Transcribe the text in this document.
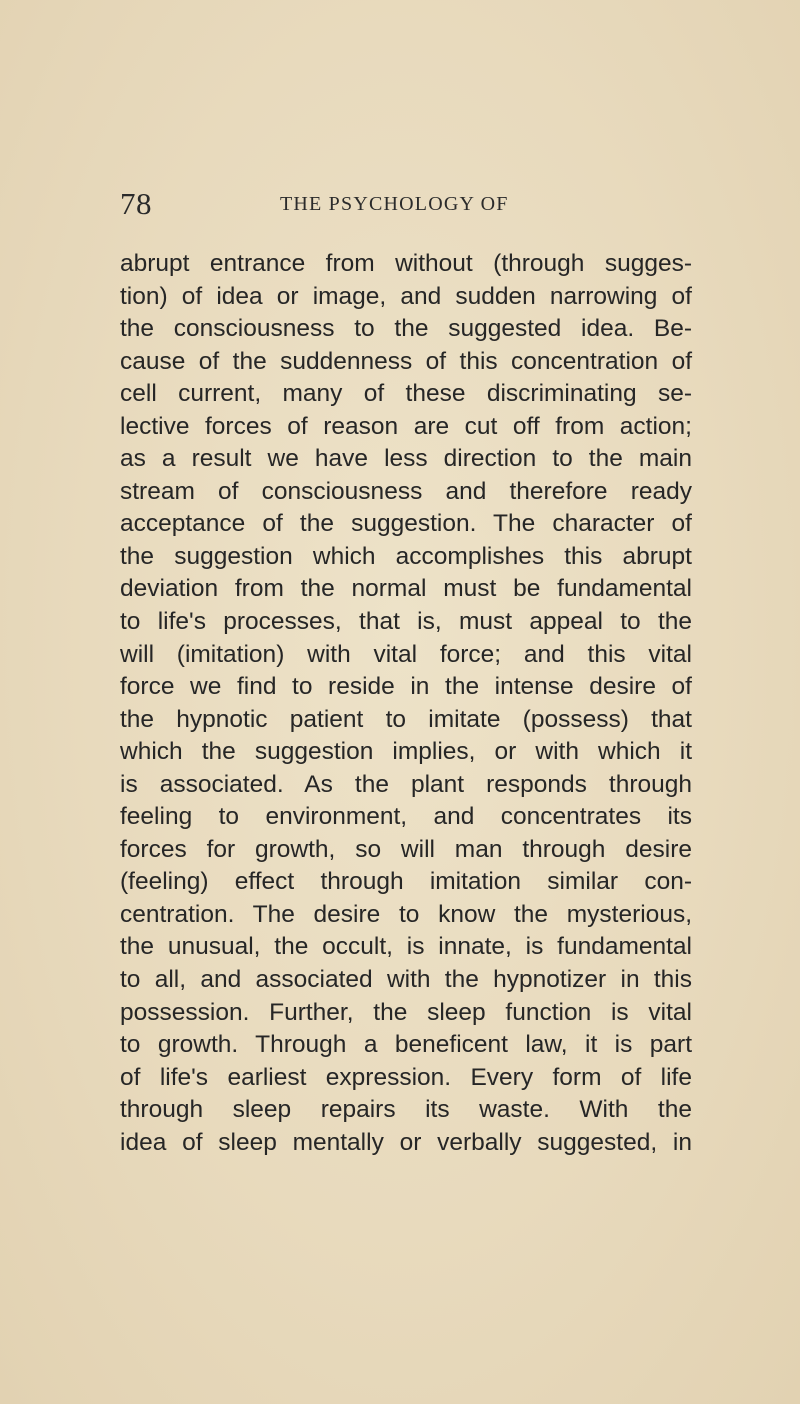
78	THE PSYCHOLOGY OF
abrupt entrance from without (through sugges-
tion) of idea or image, and sudden narrowing of
the consciousness to the suggested idea. Be-
cause of the suddenness of this concentration of
cell current, many of these discriminating se-
lective forces of reason are cut off from action;
as a result we have less direction to the main
stream of consciousness and therefore ready
acceptance of the suggestion. The character of
the suggestion which accomplishes this abrupt
deviation from the normal must be fundamental
to life's processes, that is, must appeal to the
will (imitation) with vital force; and this vital
force we find to reside in the intense desire of
the hypnotic patient to imitate (possess) that
which the suggestion implies, or with which it
is associated. As the plant responds through
feeling to environment, and concentrates its
forces for growth, so will man through desire
(feeling) effect through imitation similar con-
centration. The desire to know the mysterious,
the unusual, the occult, is innate, is fundamental
to all, and associated with the hypnotizer in this
possession. Further, the sleep function is vital
to growth. Through a beneficent law, it is part
of life's earliest expression. Every form of life
through sleep repairs its waste. With the
idea of sleep mentally or verbally suggested, in
